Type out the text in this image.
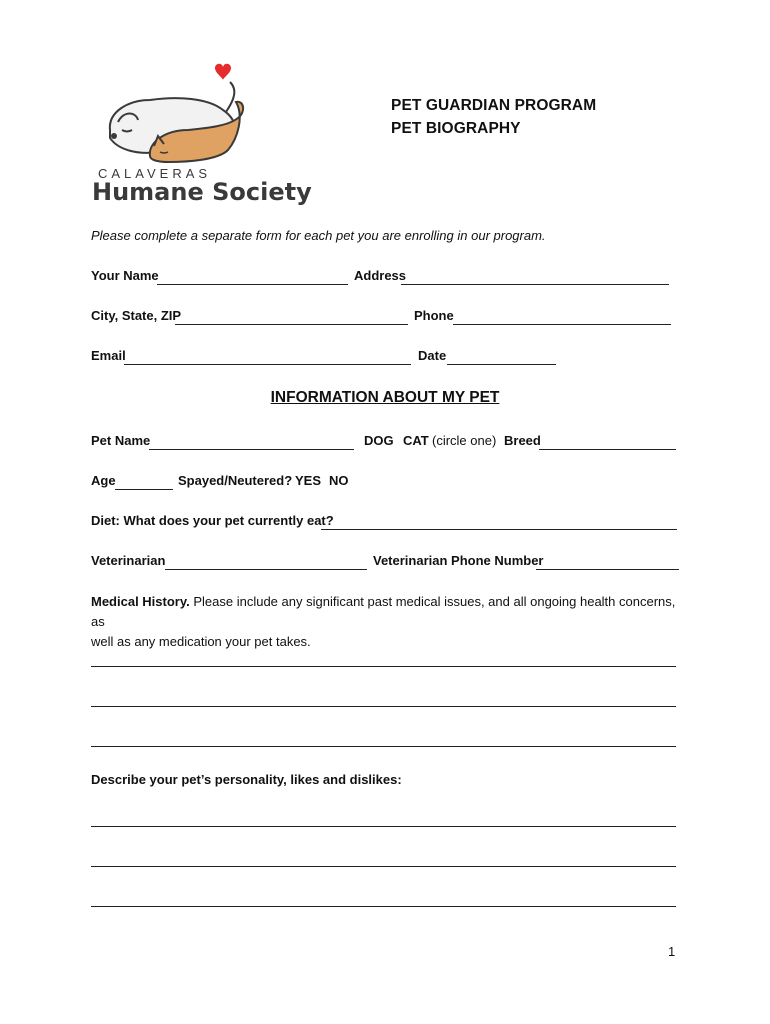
CALAVERAS
Humane Society
PET GUARDIAN PROGRAM
PET BIOGRAPHY
Please complete a separate form for each pet you are enrolling in our program.
Your Name	Address
City, State, ZIP	Phone
Email	Date
INFORMATION ABOUT MY PET
Pet Name	DOG CAT (circle one) Breed
Age	Spayed/Neutered? YES NO
Diet: What does your pet currently eat?
Veterinarian	Veterinarian Phone Number
Medical History. Please include any significant past medical issues, and all ongoing health concerns, as
well as any medication your pet takes.
Describe your pet’s personality, likes and dislikes:
1
